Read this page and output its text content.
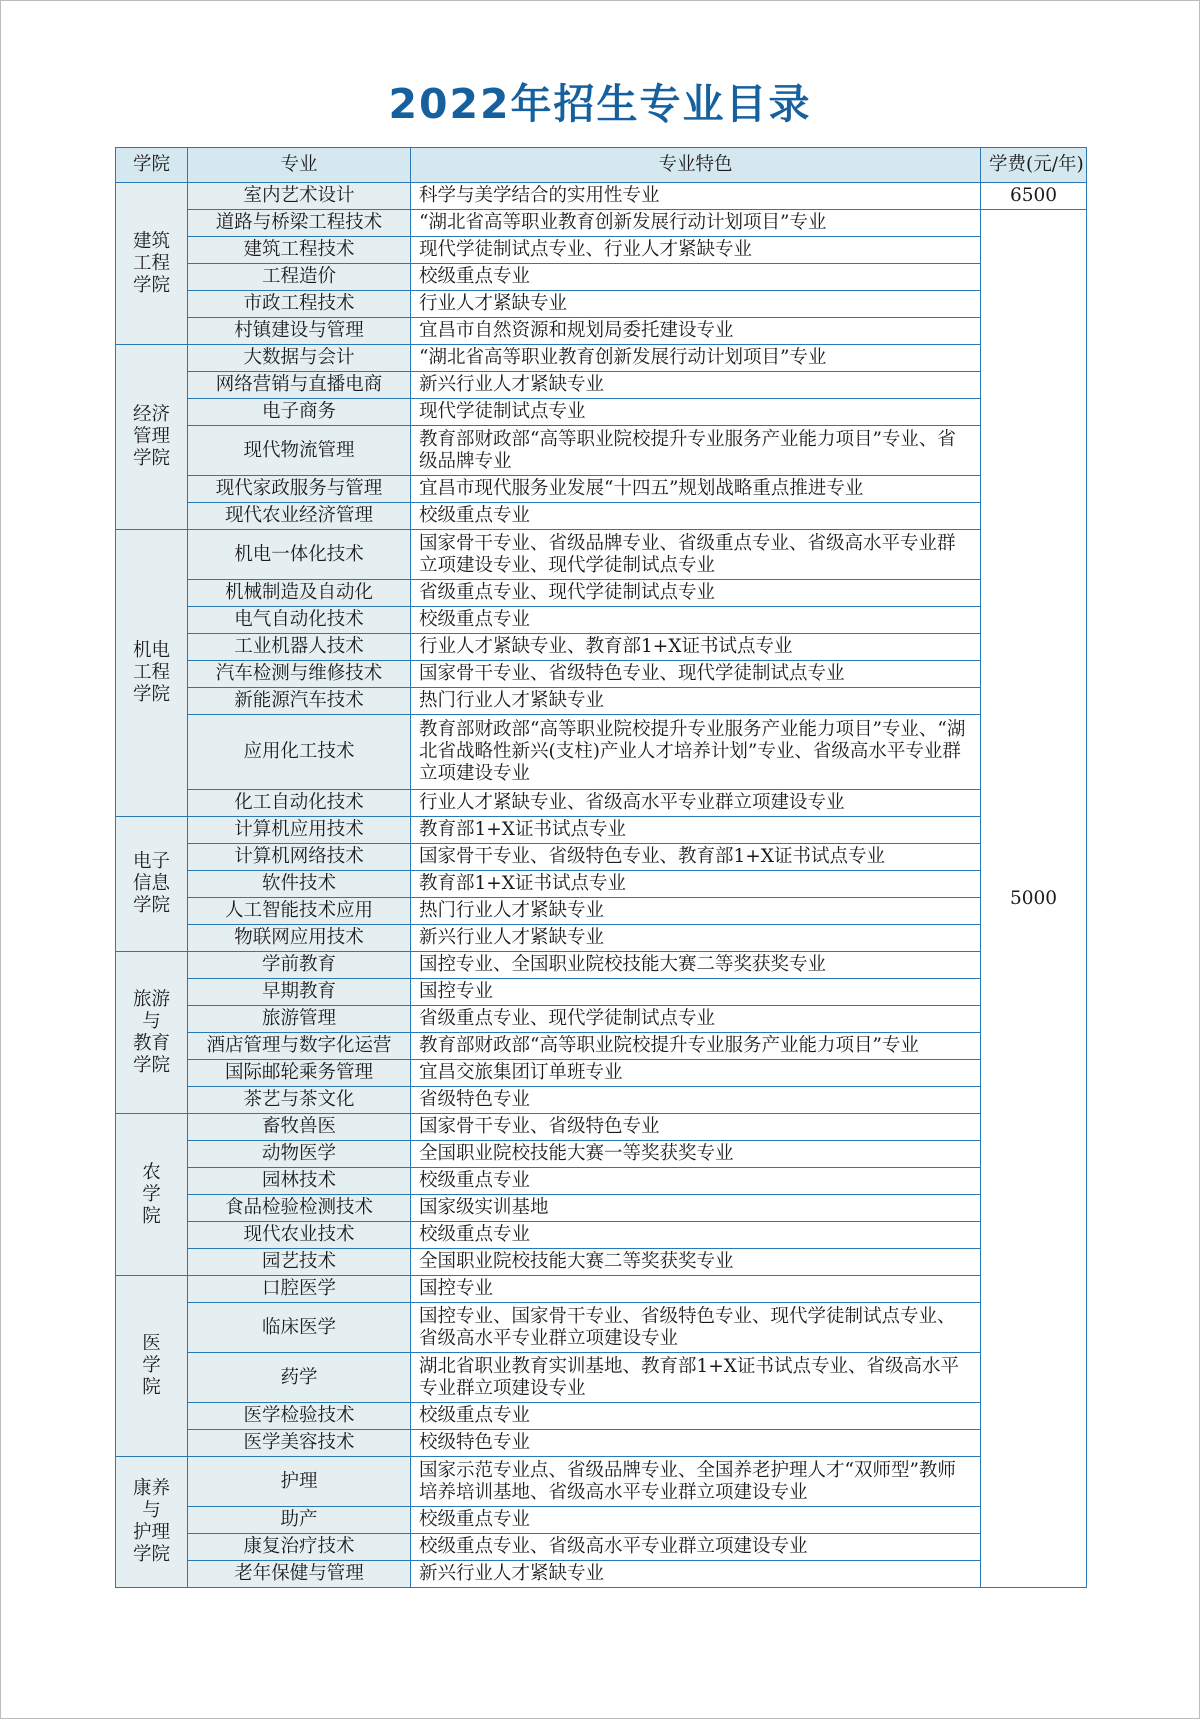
2022年招生专业目录
学院	专业	专业特色	学费(元/年)

建筑
工程
学院	室内艺术设计	科学与美学结合的实用性专业	6500
	道路与桥梁工程技术	“湖北省高等职业教育创新发展行动计划项目”专业	5000
	建筑工程技术	现代学徒制试点专业、行业人才紧缺专业	
	工程造价	校级重点专业	
	市政工程技术	行业人才紧缺专业	
	村镇建设与管理	宜昌市自然资源和规划局委托建设专业	

经济
管理
学院	大数据与会计	“湖北省高等职业教育创新发展行动计划项目”专业	
	网络营销与直播电商	新兴行业人才紧缺专业	
	电子商务	现代学徒制试点专业	
	现代物流管理	教育部财政部“高等职业院校提升专业服务产业能力项目”专业、省级品牌专业	
	现代家政服务与管理	宜昌市现代服务业发展“十四五”规划战略重点推进专业	
	现代农业经济管理	校级重点专业	

机电
工程
学院	机电一体化技术	国家骨干专业、省级品牌专业、省级重点专业、省级高水平专业群立项建设专业、现代学徒制试点专业	
	机械制造及自动化	省级重点专业、现代学徒制试点专业	
	电气自动化技术	校级重点专业	
	工业机器人技术	行业人才紧缺专业、教育部1+X证书试点专业	
	汽车检测与维修技术	国家骨干专业、省级特色专业、现代学徒制试点专业	
	新能源汽车技术	热门行业人才紧缺专业	
	应用化工技术	教育部财政部“高等职业院校提升专业服务产业能力项目”专业、“湖北省战略性新兴(支柱)产业人才培养计划”专业、省级高水平专业群立项建设专业	
	化工自动化技术	行业人才紧缺专业、省级高水平专业群立项建设专业	

电子
信息
学院	计算机应用技术	教育部1+X证书试点专业	
	计算机网络技术	国家骨干专业、省级特色专业、教育部1+X证书试点专业	
	软件技术	教育部1+X证书试点专业	
	人工智能技术应用	热门行业人才紧缺专业	
	物联网应用技术	新兴行业人才紧缺专业	

旅游
与
教育
学院	学前教育	国控专业、全国职业院校技能大赛二等奖获奖专业	
	早期教育	国控专业	
	旅游管理	省级重点专业、现代学徒制试点专业	
	酒店管理与数字化运营	教育部财政部“高等职业院校提升专业服务产业能力项目”专业	
	国际邮轮乘务管理	宜昌交旅集团订单班专业	
	茶艺与茶文化	省级特色专业	

农
学
院	畜牧兽医	国家骨干专业、省级特色专业	
	动物医学	全国职业院校技能大赛一等奖获奖专业	
	园林技术	校级重点专业	
	食品检验检测技术	国家级实训基地	
	现代农业技术	校级重点专业	
	园艺技术	全国职业院校技能大赛二等奖获奖专业	

医
学
院	口腔医学	国控专业	
	临床医学	国控专业、国家骨干专业、省级特色专业、现代学徒制试点专业、省级高水平专业群立项建设专业	
	药学	湖北省职业教育实训基地、教育部1+X证书试点专业、省级高水平专业群立项建设专业	
	医学检验技术	校级重点专业	
	医学美容技术	校级特色专业	

康养
与
护理
学院	护理	国家示范专业点、省级品牌专业、全国养老护理人才“双师型”教师培养培训基地、省级高水平专业群立项建设专业	
	助产	校级重点专业	
	康复治疗技术	校级重点专业、省级高水平专业群立项建设专业	
	老年保健与管理	新兴行业人才紧缺专业	
